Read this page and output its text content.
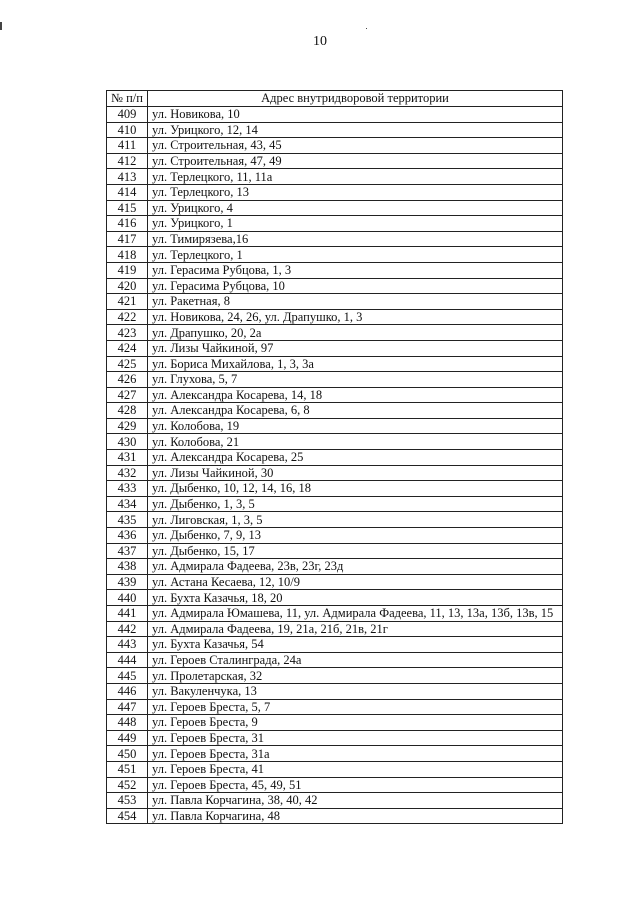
10
№ п/п	Адрес внутридворовой территории
409	ул. Новикова, 10
410	ул. Урицкого, 12, 14
411	ул. Строительная, 43, 45
412	ул. Строительная, 47, 49
413	ул. Терлецкого, 11, 11а
414	ул. Терлецкого, 13
415	ул. Урицкого, 4
416	ул. Урицкого, 1
417	ул. Тимирязева,16
418	ул. Терлецкого, 1
419	ул. Герасима Рубцова, 1, 3
420	ул. Герасима Рубцова, 10
421	ул. Ракетная, 8
422	ул. Новикова, 24, 26, ул. Драпушко, 1, 3
423	ул. Драпушко, 20, 2а
424	ул. Лизы Чайкиной, 97
425	ул. Бориса Михайлова, 1, 3, 3а
426	ул. Глухова, 5, 7
427	ул. Александра Косарева, 14, 18
428	ул. Александра Косарева, 6, 8
429	ул. Колобова, 19
430	ул. Колобова, 21
431	ул. Александра Косарева, 25
432	ул. Лизы Чайкиной, 30
433	ул. Дыбенко, 10, 12, 14, 16, 18
434	ул. Дыбенко, 1, 3, 5
435	ул. Лиговская, 1, 3, 5
436	ул. Дыбенко, 7, 9, 13
437	ул. Дыбенко, 15, 17
438	ул. Адмирала Фадеева, 23в, 23г, 23д
439	ул. Астана Кесаева, 12, 10/9
440	ул. Бухта Казачья, 18, 20
441	ул. Адмирала Юмашева, 11, ул. Адмирала Фадеева, 11, 13, 13а, 13б, 13в, 15
442	ул. Адмирала Фадеева, 19, 21а, 21б, 21в, 21г
443	ул. Бухта Казачья, 54
444	ул. Героев Сталинграда, 24а
445	ул. Пролетарская, 32
446	ул. Вакуленчука, 13
447	ул. Героев Бреста, 5, 7
448	ул. Героев Бреста, 9
449	ул. Героев Бреста, 31
450	ул. Героев Бреста, 31а
451	ул. Героев Бреста, 41
452	ул. Героев Бреста, 45, 49, 51
453	ул. Павла Корчагина, 38, 40, 42
454	ул. Павла Корчагина, 48
